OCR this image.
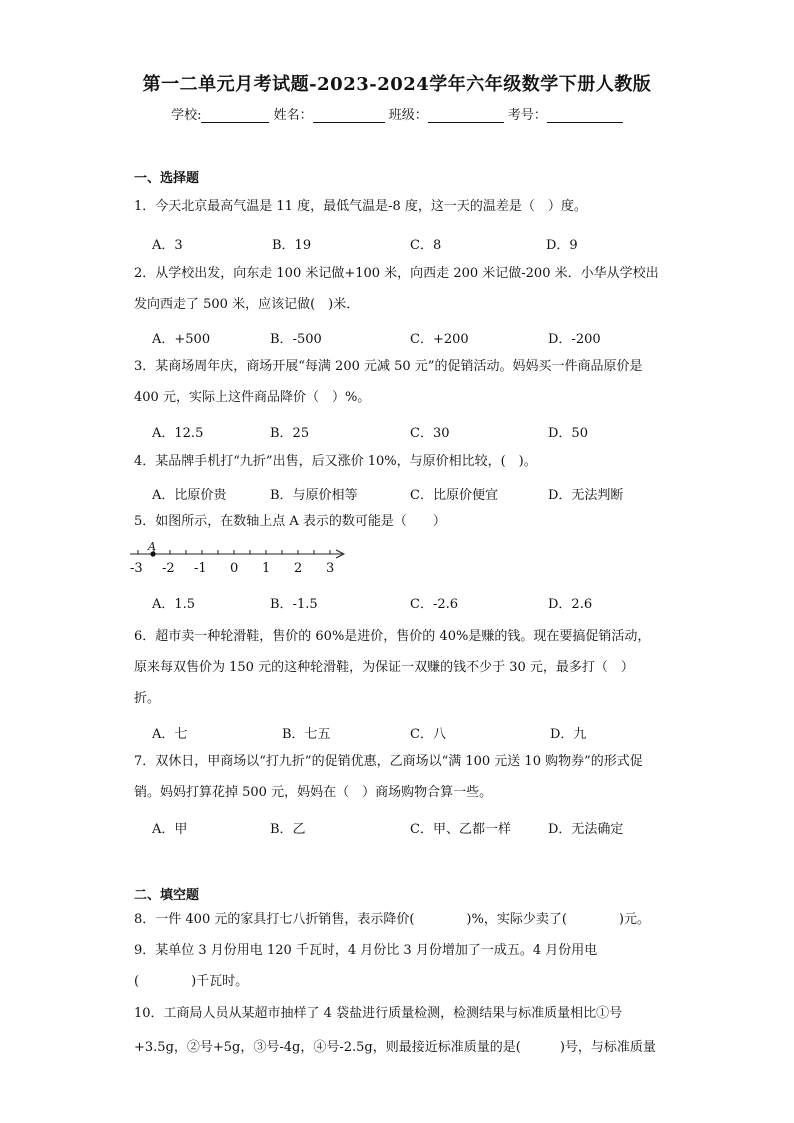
第一二单元月考试题-2023-2024学年六年级数学下册人教版
学校:	姓名：	班级：	考号：
一、选择题
1．今天北京最高气温是 11 度，最低气温是-8 度，这一天的温差是（　）度。
A．3	B．19	C．8	D．9
2．从学校出发，向东走 100 米记做+100 米，向西走 200 米记做-200 米．小华从学校出
发向西走了 500 米，应该记做(　)米．
A．+500	B．-500	C．+200	D．-200
3．某商场周年庆，商场开展“每满 200 元减 50 元”的促销活动。妈妈买一件商品原价是
400 元，实际上这件商品降价（　）%。
A．12.5	B．25	C．30	D．50
4．某品牌手机打“九折”出售，后又涨价 10%，与原价相比较，(　)。
A．比原价贵	B．与原价相等	C．比原价便宜	D．无法判断
5．如图所示，在数轴上点 A 表示的数可能是（　　）
A
-3 -2 -1 0 1 2 3
A．1.5	B．-1.5	C．-2.6	D．2.6
6．超市卖一种轮滑鞋，售价的 60%是进价，售价的 40%是赚的钱。现在要搞促销活动，
原来每双售价为 150 元的这种轮滑鞋，为保证一双赚的钱不少于 30 元，最多打（　）
折。
A．七	B．七五	C．八	D．九
7．双休日，甲商场以“打九折”的促销优惠，乙商场以“满 100 元送 10 购物券”的形式促
销。妈妈打算花掉 500 元，妈妈在（　）商场购物合算一些。
A．甲	B．乙	C．甲、乙都一样	D．无法确定
二、填空题
8．一件 400 元的家具打七八折销售，表示降价(　　　　)%，实际少卖了(　　　　)元。
9．某单位 3 月份用电 120 千瓦时，4 月份比 3 月份增加了一成五。4 月份用电
(　　　　)千瓦时。
10．工商局人员从某超市抽样了 4 袋盐进行质量检测，检测结果与标准质量相比①号
+3.5g，②号+5g，③号-4g，④号-2.5g，则最接近标准质量的是(　　　)号，与标准质量
